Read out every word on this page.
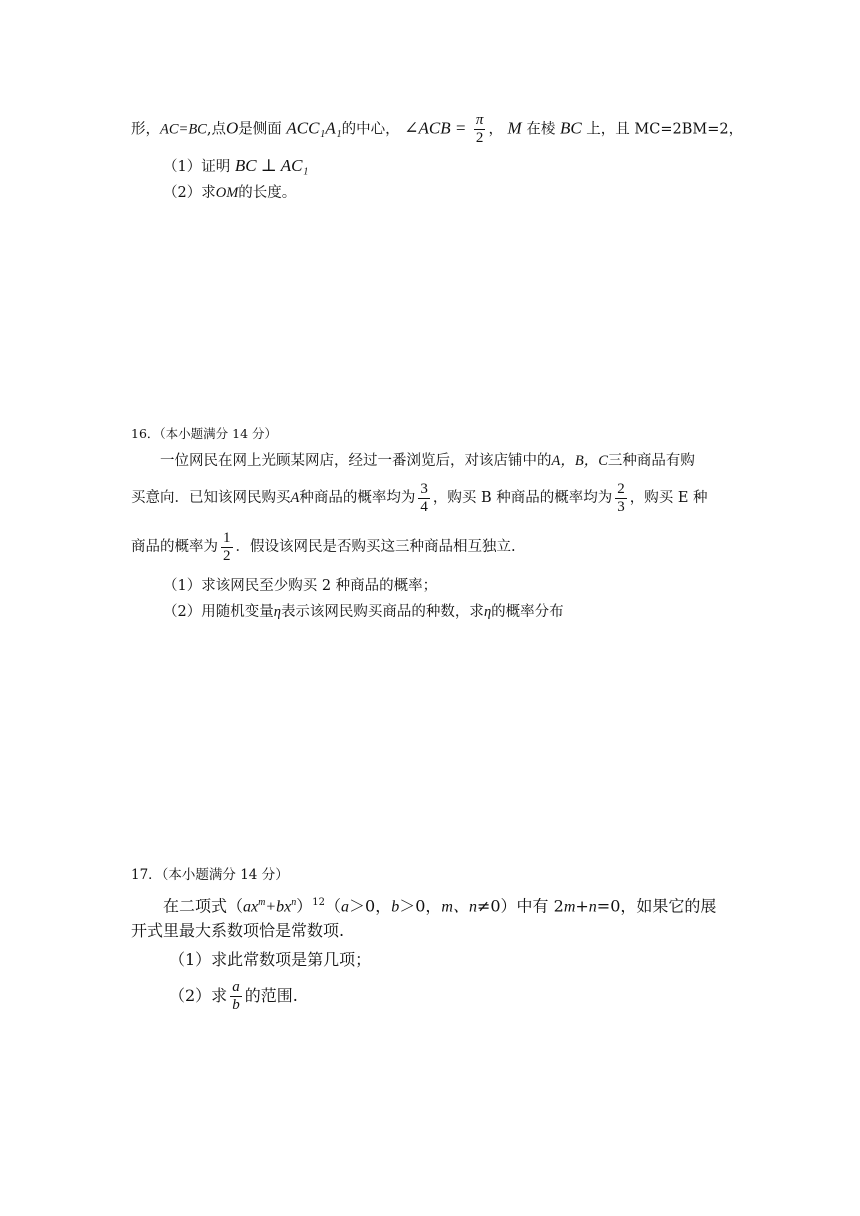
形，AC=BC,点O是侧面 ACC₁A₁的中心， ∠ACB = $\frac{\pi}{2}$ ， M 在棱 BC 上，且 MC=2BM=2，
（1）证明 BC ⊥ AC₁
（2）求OM的长度。
16．（本小题满分 14 分）
一位网民在网上光顾某网店，经过一番浏览后，对该店铺中的A，B，C三种商品有购
买意向．已知该网民购买A种商品的概率均为 $\frac{3}{4}$ ，购买 B 种商品的概率均为 $\frac{2}{3}$ ，购买 E 种
商品的概率为 $\frac{1}{2}$ ．假设该网民是否购买这三种商品相互独立.
（1）求该网民至少购买 2 种商品的概率；
（2）用随机变量η表示该网民购买商品的种数，求η的概率分布
17．（本小题满分 14 分）
在二项式$(ax^m+bx^n)^{12}(a>0$，b＞0，m、n≠0）中有 2m+n=0，如果它的展
开式里最大系数项恰是常数项.
（1）求此常数项是第几项；
（2）求 $\frac{a}{b}$ 的范围.
